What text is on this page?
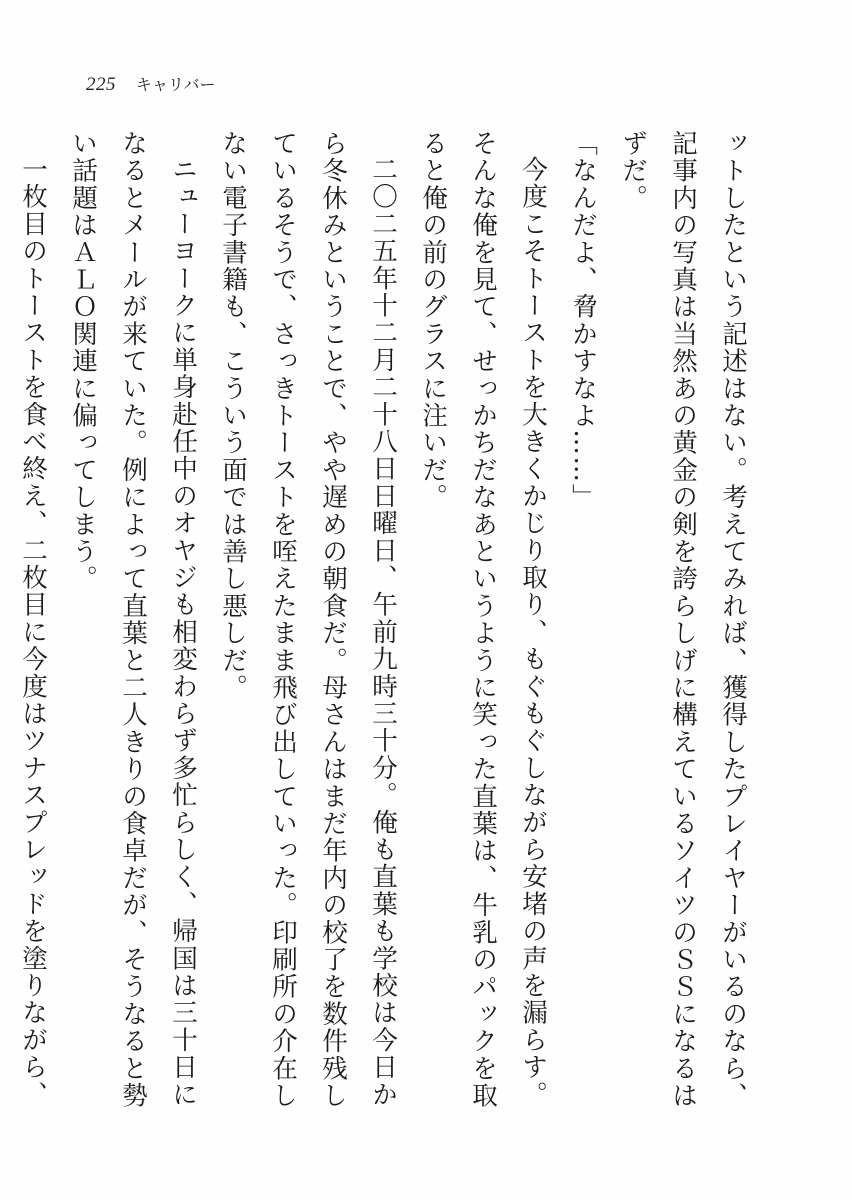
225 キャリバー

ットしたという記述はない。考えてみれば、獲得したプレイヤーがいるのなら、記事内の写真は当然あの黄金の剣を誇らしげに構えているソイツのＳＳになるはずだ。

「なんだよ、脅かすなよ……」

今度こそトーストを大きくかじり取り、もぐもぐしながら安堵の声を漏らす。そんな俺を見て、せっかちだなあというように笑った直葉は、牛乳のパックを取ると俺の前のグラスに注いだ。

二〇二五年十二月二十八日日曜日、午前九時三十分。俺も直葉も学校は今日から冬休みということで、やや遅めの朝食だ。母さんはまだ年内の校了を数件残しているそうで、さっきトーストを咥えたまま飛び出していった。印刷所の介在しない電子書籍も、こういう面では善し悪しだ。

ニューヨークに単身赴任中のオヤジも相変わらず多忙らしく、帰国は三十日になるとメールが来ていた。例によって直葉と二人きりの食卓だが、そうなると勢い話題はＡＬＯ関連に偏ってしまう。

一枚目のトーストを食べ終え、二枚目に今度はツナスプレッドを塗りながら、
